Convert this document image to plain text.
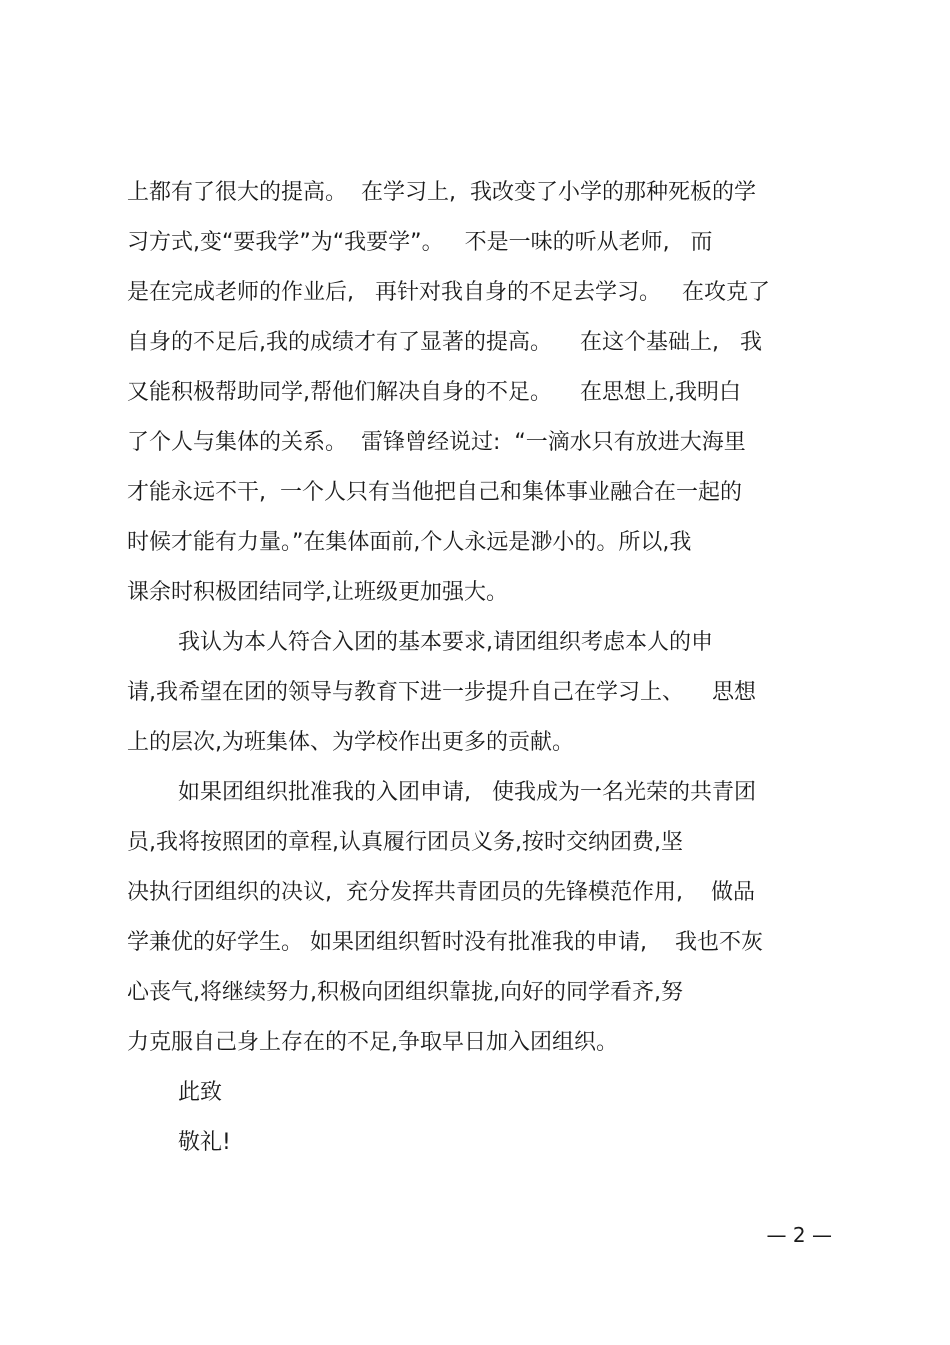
上都有了很大的提高。  在学习上,  我改变了小学的那种死板的学
习方式,变“要我学”为“我要学”。   不是一味的听从老师,   而
是在完成老师的作业后,   再针对我自身的不足去学习。   在攻克了
自身的不足后,我的成绩才有了显著的提高。    在这个基础上,   我
又能积极帮助同学,帮他们解决自身的不足。    在思想上,我明白
了个人与集体的关系。  雷锋曾经说过:  “一滴水只有放进大海里
才能永远不干,  一个人只有当他把自己和集体事业融合在一起的
时候才能有力量。”在集体面前,个人永远是渺小的。所以,我
课余时积极团结同学,让班级更加强大。
我认为本人符合入团的基本要求,请团组织考虑本人的申
请,我希望在团的领导与教育下进一步提升自己在学习上、    思想
上的层次,为班集体、为学校作出更多的贡献。
如果团组织批准我的入团申请,   使我成为一名光荣的共青团
员,我将按照团的章程,认真履行团员义务,按时交纳团费,坚
决执行团组织的决议,  充分发挥共青团员的先锋模范作用,    做品
学兼优的好学生。 如果团组织暂时没有批准我的申请,    我也不灰
心丧气,将继续努力,积极向团组织靠拢,向好的同学看齐,努
力克服自己身上存在的不足,争取早日加入团组织。
此致
敬礼!
— 2 —
